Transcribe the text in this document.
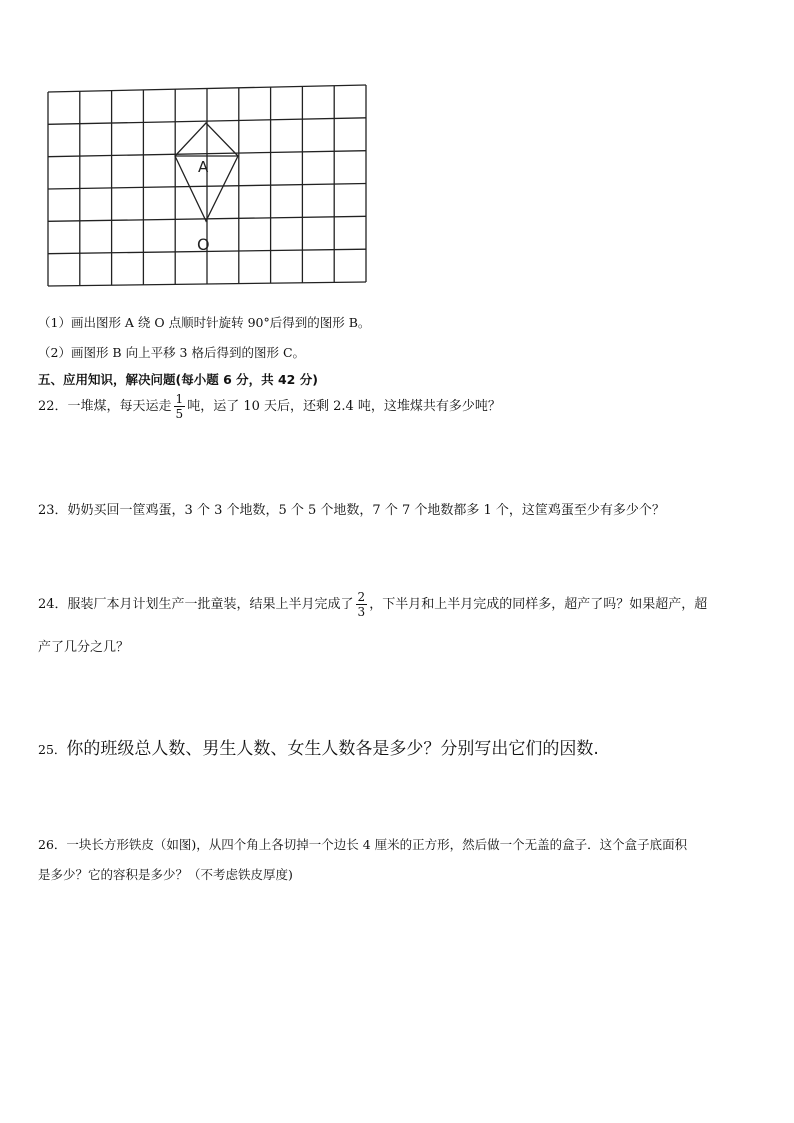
A
O
（1）画出图形 A 绕 O 点顺时针旋转 90°后得到的图形 B。
（2）画图形 B 向上平移 3 格后得到的图形 C。
五、应用知识，解决问题(每小题 6 分，共 42 分)
22．一堆煤，每天运走 $\frac{1}{5}$ 吨，运了 10 天后，还剩 2.4 吨，这堆煤共有多少吨？
23．奶奶买回一筐鸡蛋，3 个 3 个地数，5 个 5 个地数，7 个 7 个地数都多 1 个，这筐鸡蛋至少有多少个？
24．服装厂本月计划生产一批童装，结果上半月完成了 $\frac{2}{3}$ ，下半月和上半月完成的同样多，超产了吗？如果超产，超
产了几分之几？
25．你的班级总人数、男生人数、女生人数各是多少？分别写出它们的因数.
26．一块长方形铁皮（如图)，从四个角上各切掉一个边长 4 厘米的正方形，然后做一个无盖的盒子．这个盒子底面积
是多少？它的容积是多少？（不考虑铁皮厚度)
